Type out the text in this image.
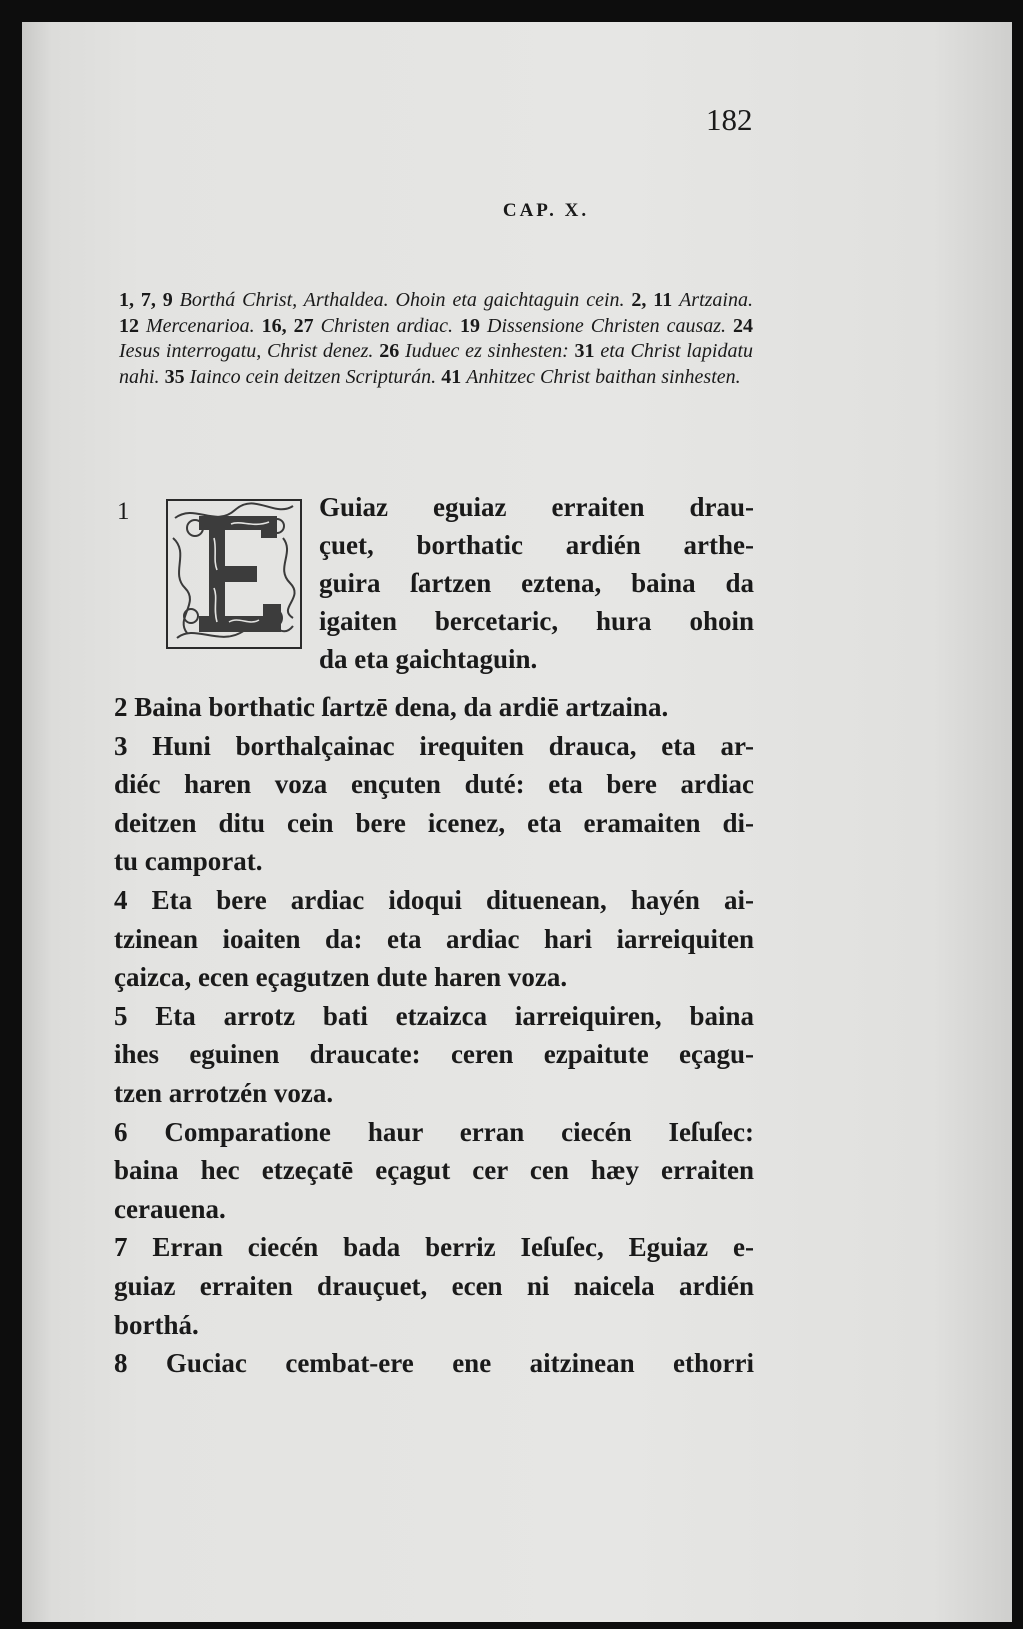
182
CAP. X.
1, 7, 9 Borthá Christ, Arthaldea. Ohoin eta gaichtaguin cein. 2, 11 Artzaina. 12 Mercenarioa. 16, 27 Christen ardiac. 19 Dissensione Christen causaz. 24 Iesus interrogatu, Christ denez. 26 Iuduec ez sinhesten: 31 eta Christ lapidatu nahi. 35 Iainco cein deitzen Scripturán. 41 Anhitzec Christ baithan sinhesten.
1
E
Guiaz eguiaz erraiten drau-
çuet, borthatic ardién arthe-
guira ſartzen eztena, baina da
igaiten bercetaric, hura ohoin
da eta gaichtaguin.
2 Baina borthatic ſartzē dena, da ardiē artzaina.
3 Huni borthalçainac irequiten drauca, eta ar-
diéc haren voza ençuten duté: eta bere ardiac
deitzen ditu cein bere icenez, eta eramaiten di-
tu camporat.
4 Eta bere ardiac idoqui dituenean, hayén ai-
tzinean ioaiten da: eta ardiac hari iarreiquiten
çaizca, ecen eçagutzen dute haren voza.
5 Eta arrotz bati etzaizca iarreiquiren, baina
ihes eguinen draucate: ceren ezpaitute eçagu-
tzen arrotzén voza.
6 Comparatione haur erran ciecén Ieſuſec:
baina hec etzeçatē eçagut cer cen hæy erraiten
cerauena.
7 Erran ciecén bada berriz Ieſuſec, Eguiaz e-
guiaz erraiten drauçuet, ecen ni naicela ardién
borthá.
8 Guciac cembat-ere ene aitzinean ethorri
